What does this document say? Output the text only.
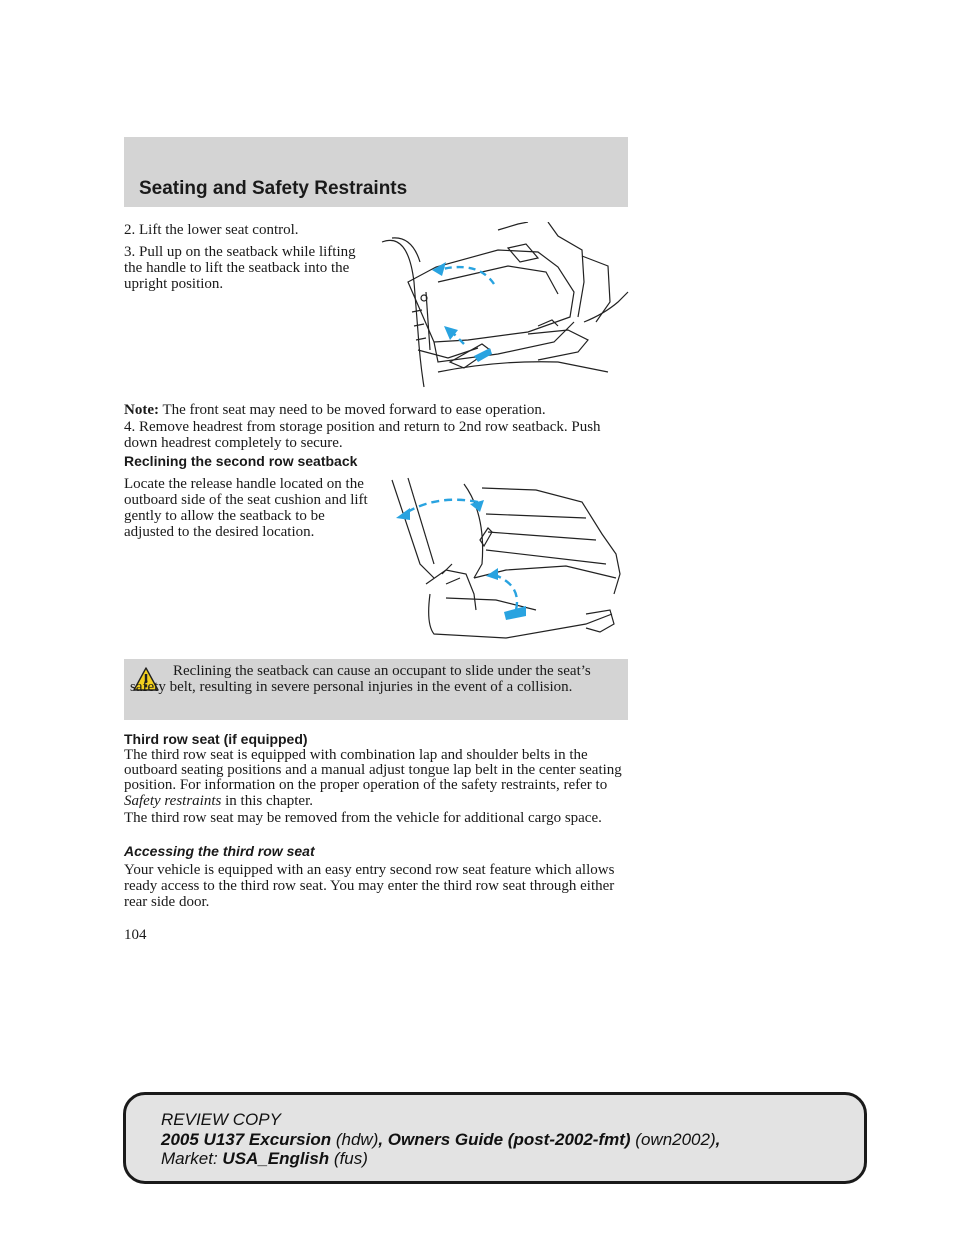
Seating and Safety Restraints

2. Lift the lower seat control.

3. Pull up on the seatback while lifting the handle to lift the seatback into the upright position.

Note: The front seat may need to be moved forward to ease operation.

4. Remove headrest from storage position and return to 2nd row seatback. Push down headrest completely to secure.

Reclining the second row seatback
Locate the release handle located on the outboard side of the seat cushion and lift gently to allow the seatback to be adjusted to the desired location.
Reclining the seatback can cause an occupant to slide under the seat’s safety belt, resulting in severe personal injuries in the event of a collision.
Third row seat (if equipped)

The third row seat is equipped with combination lap and shoulder belts in the outboard seating positions and a manual adjust tongue lap belt in the center seating position. For information on the proper operation of the safety restraints, refer to Safety restraints in this chapter.

The third row seat may be removed from the vehicle for additional cargo space.

Accessing the third row seat
Your vehicle is equipped with an easy entry second row seat feature which allows ready access to the third row seat. You may enter the third row seat through either rear side door.
104
REVIEW COPY
2005 U137 Excursion (hdw), Owners Guide (post-2002-fmt) (own2002),
Market: USA_English (fus)
